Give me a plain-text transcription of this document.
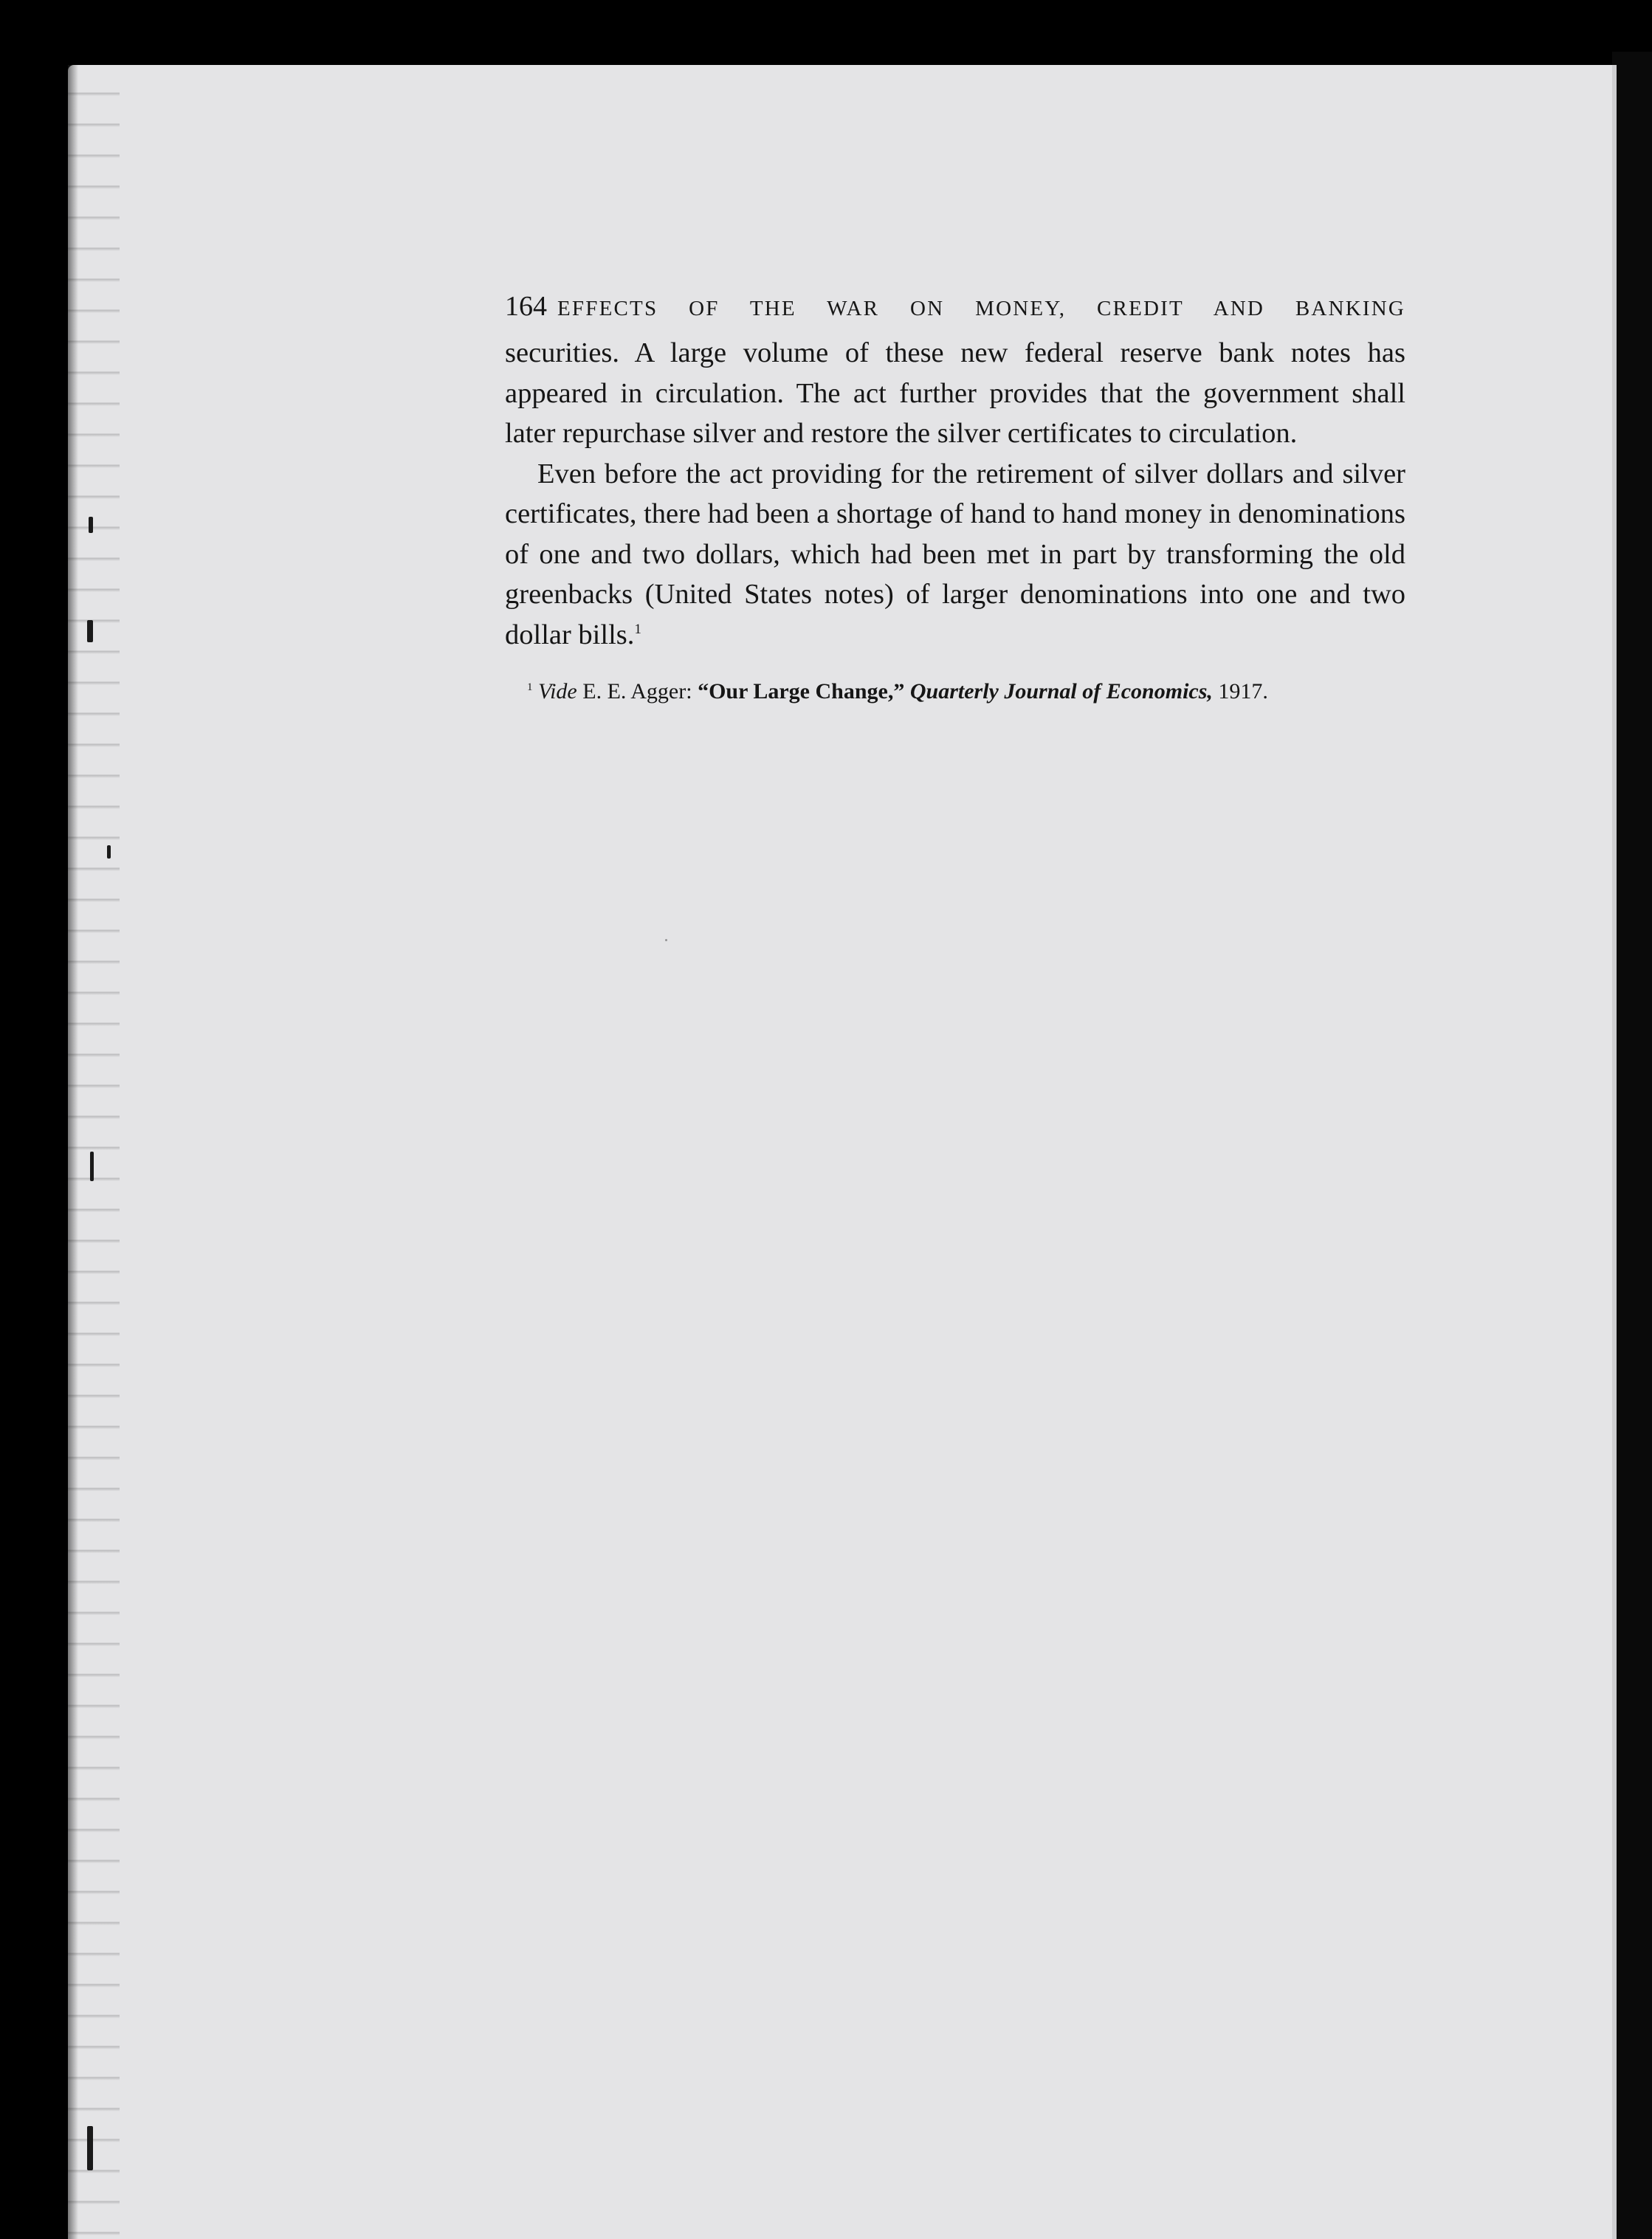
164 EFFECTS OF THE WAR ON MONEY, CREDIT AND BANKING

securities. A large volume of these new federal reserve bank notes has appeared in circulation. The act further provides that the government shall later repurchase silver and restore the silver certificates to circulation.

Even before the act providing for the retirement of silver dollars and silver certificates, there had been a shortage of hand to hand money in denominations of one and two dollars, which had been met in part by transforming the old greenbacks (United States notes) of larger denominations into one and two dollar bills.$^1$

$^1$ Vide E. E. Agger: “Our Large Change,” Quarterly Journal of Economics, 1917.
